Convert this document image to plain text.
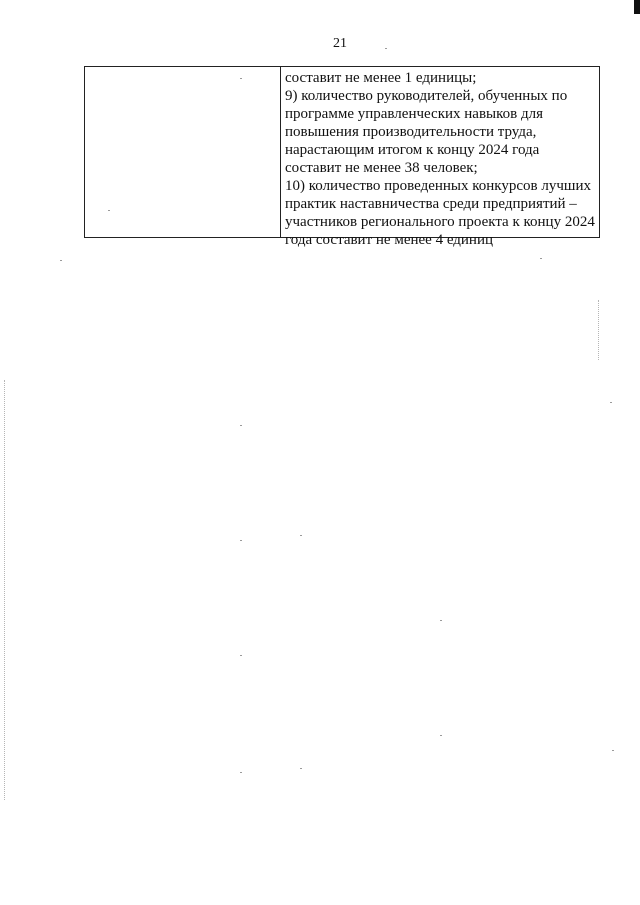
21
составит не менее 1 единицы;
9) количество руководителей, обученных по программе управленческих навыков для повышения производительности труда, нарастающим итогом к концу 2024 года составит не менее 38 человек;
10) количество проведенных конкурсов лучших практик наставничества среди предприятий – участников регионального проекта к концу 2024 года составит не менее 4 единиц
